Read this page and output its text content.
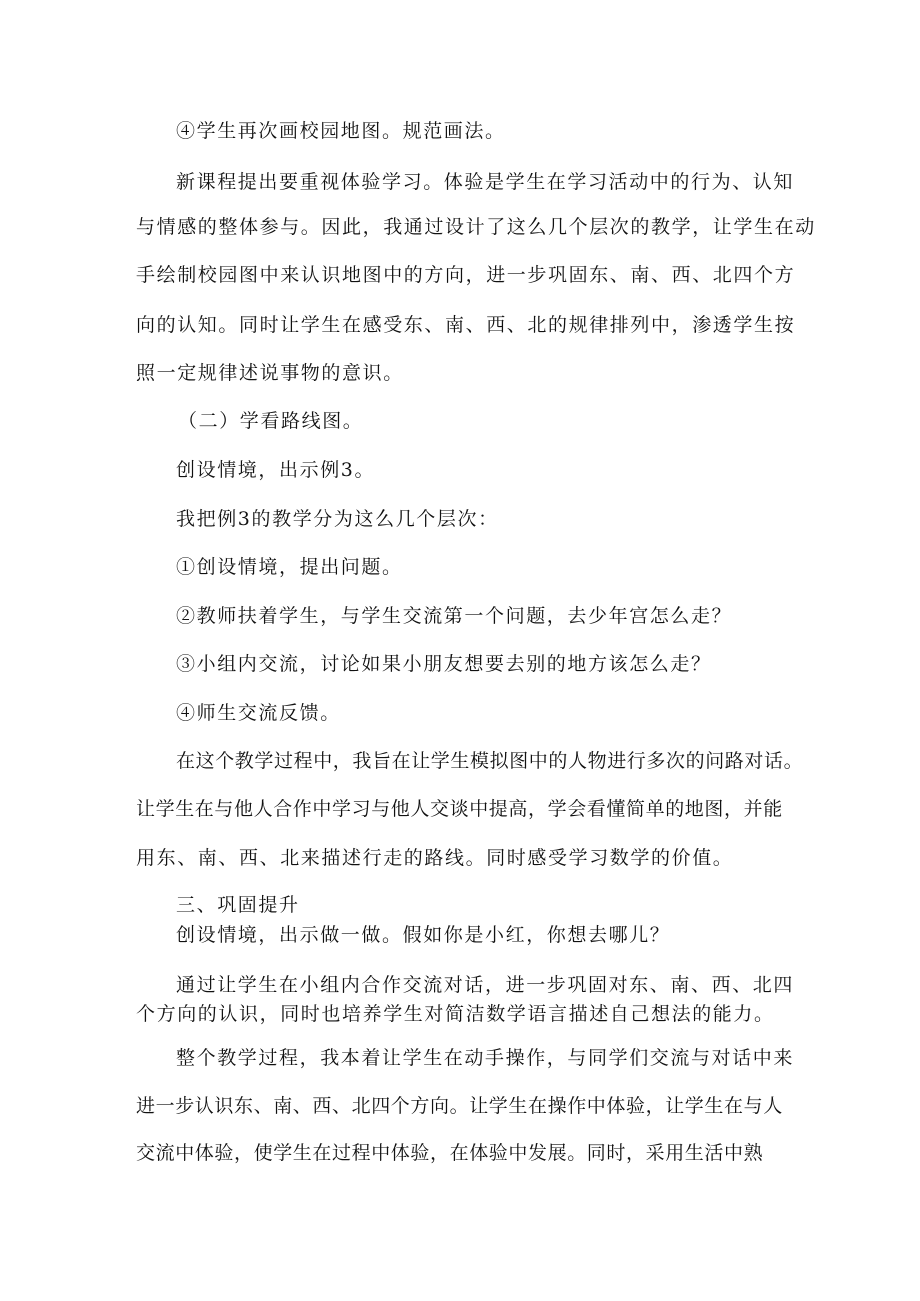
④学生再次画校园地图。规范画法。
新课程提出要重视体验学习。体验是学生在学习活动中的行为、认知
与情感的整体参与。因此，我通过设计了这么几个层次的教学，让学生在动
手绘制校园图中来认识地图中的方向，进一步巩固东、南、西、北四个方
向的认知。同时让学生在感受东、南、西、北的规律排列中，渗透学生按
照一定规律述说事物的意识。
（二）学看路线图。
创设情境，出示例3。
我把例3的教学分为这么几个层次：
①创设情境，提出问题。
②教师扶着学生，与学生交流第一个问题，去少年宫怎么走？
③小组内交流，讨论如果小朋友想要去别的地方该怎么走？
④师生交流反馈。
在这个教学过程中，我旨在让学生模拟图中的人物进行多次的问路对话。
让学生在与他人合作中学习与他人交谈中提高，学会看懂简单的地图，并能
用东、南、西、北来描述行走的路线。同时感受学习数学的价值。
三、巩固提升
创设情境，出示做一做。假如你是小红，你想去哪儿？
通过让学生在小组内合作交流对话，进一步巩固对东、南、西、北四
个方向的认识，同时也培养学生对简洁数学语言描述自己想法的能力。
整个教学过程，我本着让学生在动手操作，与同学们交流与对话中来
进一步认识东、南、西、北四个方向。让学生在操作中体验，让学生在与人
交流中体验，使学生在过程中体验，在体验中发展。同时，采用生活中熟
